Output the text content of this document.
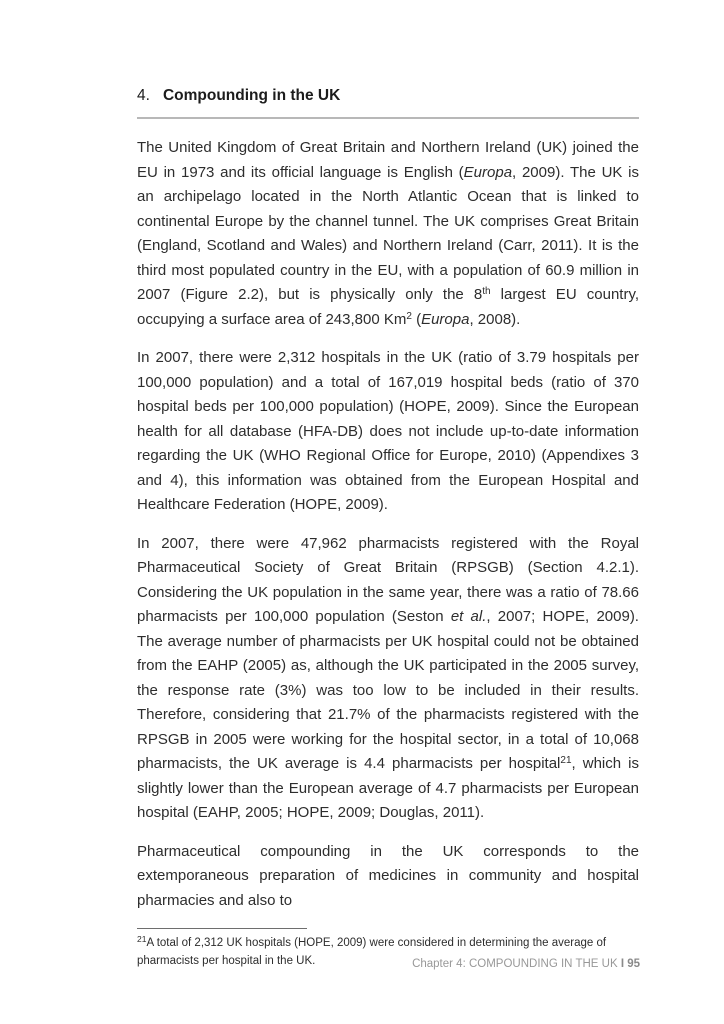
4. Compounding in the UK

The United Kingdom of Great Britain and Northern Ireland (UK) joined the EU in 1973 and its official language is English (Europa, 2009). The UK is an archipelago located in the North Atlantic Ocean that is linked to continental Europe by the channel tunnel. The UK comprises Great Britain (England, Scotland and Wales) and Northern Ireland (Carr, 2011). It is the third most populated country in the EU, with a population of 60.9 million in 2007 (Figure 2.2), but is physically only the 8th largest EU country, occupying a surface area of 243,800 Km$^2$ (Europa, 2008).

In 2007, there were 2,312 hospitals in the UK (ratio of 3.79 hospitals per 100,000 population) and a total of 167,019 hospital beds (ratio of 370 hospital beds per 100,000 population) (HOPE, 2009). Since the European health for all database (HFA-DB) does not include up-to-date information regarding the UK (WHO Regional Office for Europe, 2010) (Appendixes 3 and 4), this information was obtained from the European Hospital and Healthcare Federation (HOPE, 2009).

In 2007, there were 47,962 pharmacists registered with the Royal Pharmaceutical Society of Great Britain (RPSGB) (Section 4.2.1). Considering the UK population in the same year, there was a ratio of 78.66 pharmacists per 100,000 population (Seston et al., 2007; HOPE, 2009). The average number of pharmacists per UK hospital could not be obtained from the EAHP (2005) as, although the UK participated in the 2005 survey, the response rate (3%) was too low to be included in their results. Therefore, considering that 21.7% of the pharmacists registered with the RPSGB in 2005 were working for the hospital sector, in a total of 10,068 pharmacists, the UK average is 4.4 pharmacists per hospital$^{21}$, which is slightly lower than the European average of 4.7 pharmacists per European hospital (EAHP, 2005; HOPE, 2009; Douglas, 2011).

Pharmaceutical compounding in the UK corresponds to the extemporaneous preparation of medicines in community and hospital pharmacies and also to

$^{21}$A total of 2,312 UK hospitals (HOPE, 2009) were considered in determining the average of pharmacists per hospital in the UK.	Chapter 4: COMPOUNDING IN THE UK I 95
